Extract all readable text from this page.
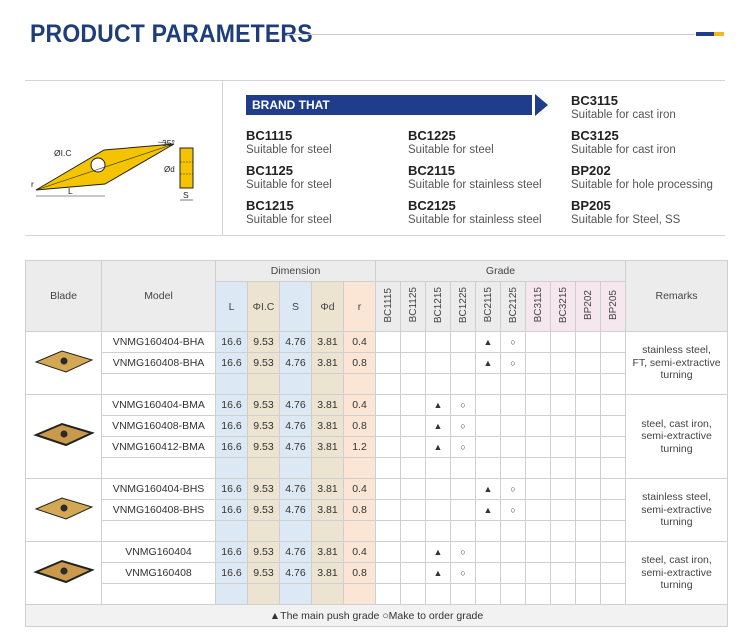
PRODUCT PARAMETERS
ØI.C
35°
r
L
Ød
S
BRAND THAT
BC1115
Suitable for steel
BC1125
Suitable for steel
BC1215
Suitable for steel
BC1225
Suitable for steel
BC2115
Suitable for stainless steel
BC2125
Suitable for stainless steel
BC3115
Suitable for cast iron
BC3125
Suitable for cast iron
BP202
Suitable for hole processing
BP205
Suitable for Steel, SS
Blade	Model	Dimension					Grade										Remarks
		L	ΦI.C	S	Φd	r	BC1115	BC1125	BC1215	BC1225	BC2115	BC2125	BC3115	BC3215	BP202	BP205	
	VNMG160404-BHA	16.6	9.53	4.76	3.81	0.4					▲	○					stainless steel,
FT, semi-extractive
turning

	VNMG160408-BHA	16.6	9.53	4.76	3.81	0.8					▲	○					

	VNMG160404-BMA	16.6	9.53	4.76	3.81	0.4			▲	○							steel, cast iron,
semi-extractive
turning

	VNMG160408-BMA	16.6	9.53	4.76	3.81	0.8			▲	○							
	VNMG160412-BMA	16.6	9.53	4.76	3.81	1.2			▲	○							

	VNMG160404-BHS	16.6	9.53	4.76	3.81	0.4					▲	○					stainless steel,
semi-extractive
turning

	VNMG160408-BHS	16.6	9.53	4.76	3.81	0.8					▲	○					

	VNMG160404	16.6	9.53	4.76	3.81	0.4			▲	○							steel, cast iron,
semi-extractive
turning

	VNMG160408	16.6	9.53	4.76	3.81	0.8			▲	○							

▲The main push grade ○Make to order grade																	
